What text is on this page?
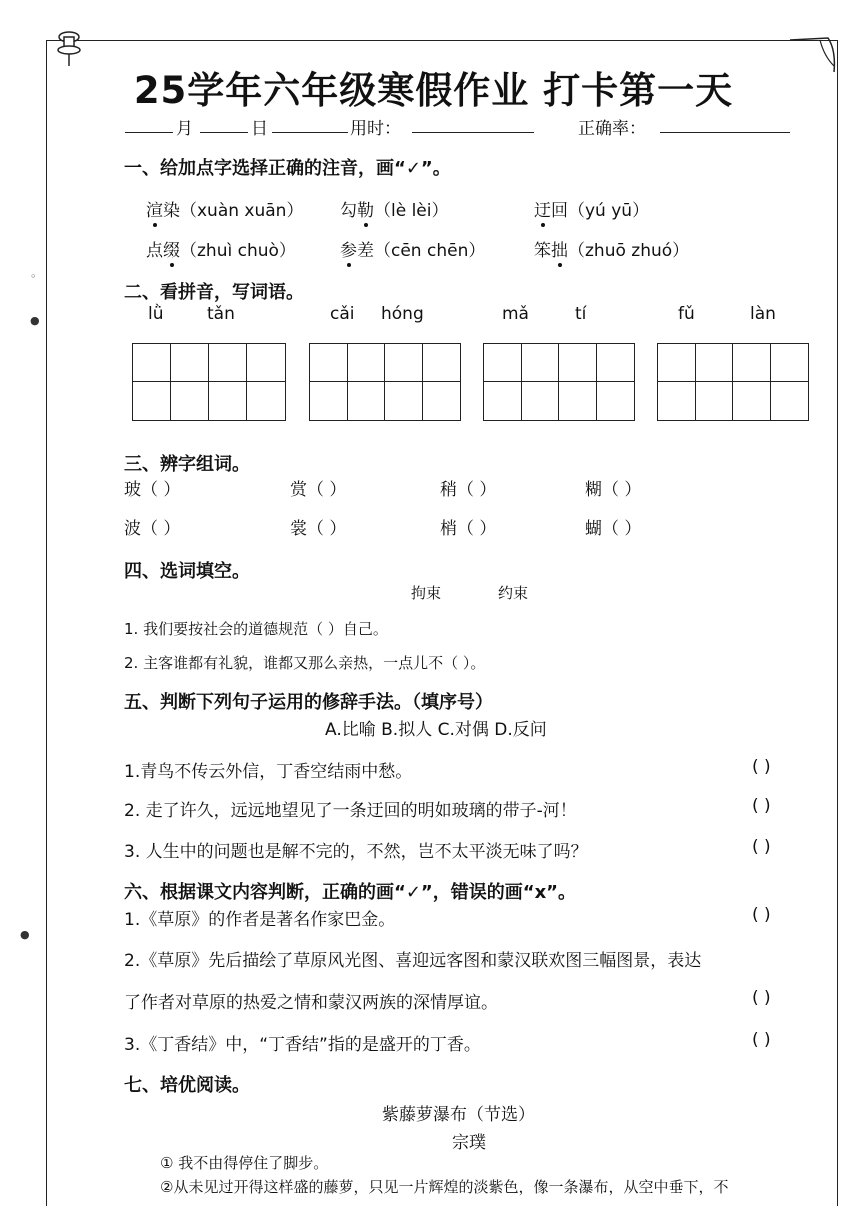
25学年六年级寒假作业 打卡第一天
月	日	用时：	正确率：
一、给加点字选择正确的注音，画“✓”。
渲染（xuàn xuān） 勾勒（lè lèi）	迂回（yú yū）
点缀（zhuì chuò）	参差（cēn chēn）	笨拙（zhuō zhuó）
二、看拼音，写词语。
lǜ	tǎn	cǎi hóng	mǎ	tí	fǔ	làn
三、辨字组词。
玻（ ）	赏（ ）	稍（ ）	糊（ ）
波（ ）	裳（ ）	梢（ ）	蝴（ ）
四、选词填空。
拘束	约束
1. 我们要按社会的道德规范（ ）自己。
2. 主客谁都有礼貌，谁都又那么亲热，一点儿不（ ）。
五、判断下列句子运用的修辞手法。（填序号）
A.比喻 B.拟人 C.对偶 D.反问
1.青鸟不传云外信，丁香空结雨中愁。	( )
2. 走了许久，远远地望见了一条迂回的明如玻璃的带子-河！	( )
3. 人生中的问题也是解不完的，不然，岂不太平淡无味了吗？	( )
六、根据课文内容判断，正确的画“✓”，错误的画“x”。
1.《草原》的作者是著名作家巴金。	( )
2.《草原》先后描绘了草原风光图、喜迎远客图和蒙汉联欢图三幅图景，表达
了作者对草原的热爱之情和蒙汉两族的深情厚谊。	( )
3.《丁香结》中，“丁香结”指的是盛开的丁香。	( )
七、培优阅读。
紫藤萝瀑布（节选）
宗璞
① 我不由得停住了脚步。
②从未见过开得这样盛的藤萝，只见一片辉煌的淡紫色，像一条瀑布，从空中垂下，不
◦
●
●
